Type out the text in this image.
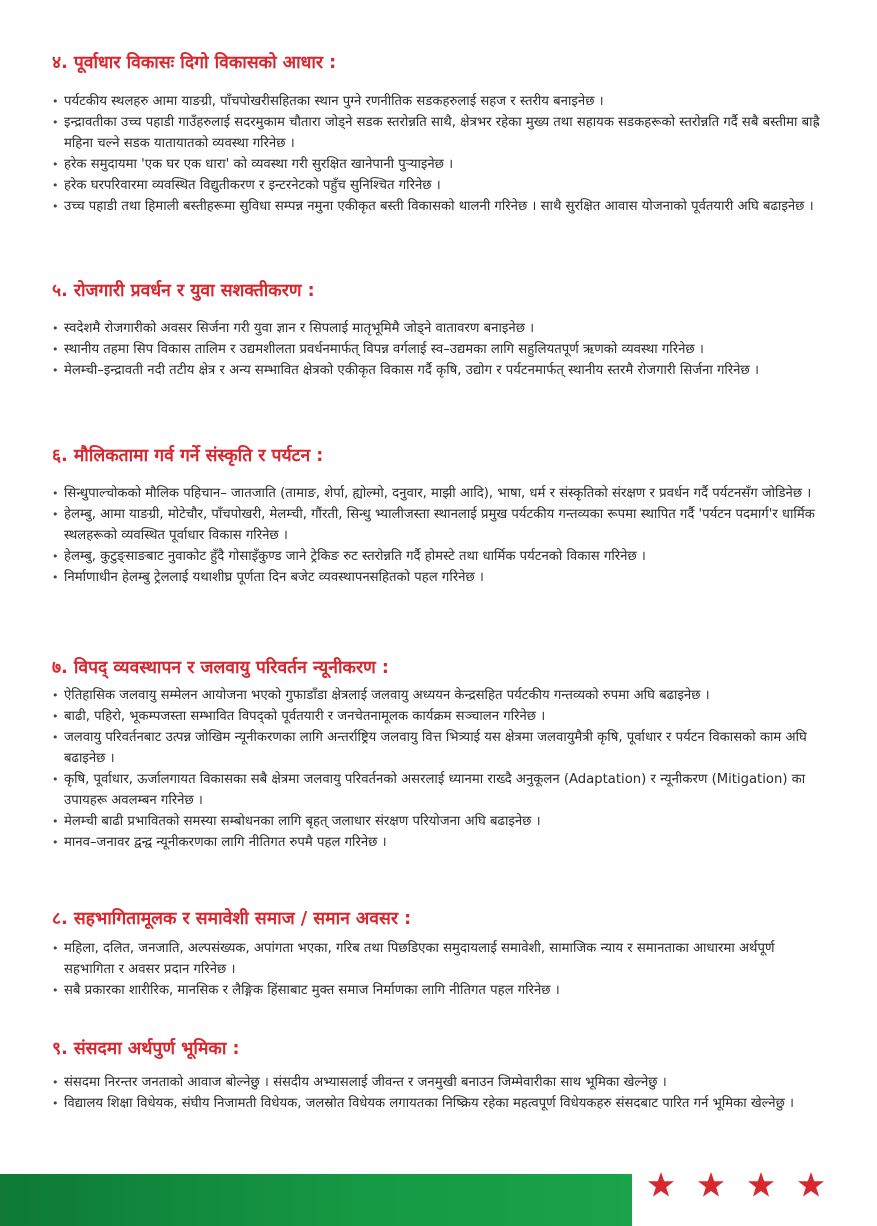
४. पूर्वाधार विकासः दिगो विकासको आधार :
• पर्यटकीय स्थलहरु आमा याङग्री, पाँचपोखरीसहितका स्थान पुग्ने रणनीतिक सडकहरुलाई सहज र स्तरीय बनाइनेछ ।
• इन्द्रावतीका उच्च पहाडी गाउँहरुलाई सदरमुकाम चौतारा जोड्ने सडक स्तरोन्नति साथै, क्षेत्रभर रहेका मुख्य तथा सहायक सडकहरूको स्तरोन्नति गर्दै सबै बस्तीमा बाह्रै महिना चल्ने सडक यातायातको व्यवस्था गरिनेछ ।
• हरेक समुदायमा 'एक घर एक धारा' को व्यवस्था गरी सुरक्षित खानेपानी पुऱ्याइनेछ ।
• हरेक घरपरिवारमा व्यवस्थित विद्युतीकरण र इन्टरनेटको पहुँच सुनिश्चित गरिनेछ ।
• उच्च पहाडी तथा हिमाली बस्तीहरूमा सुविधा सम्पन्न नमुना एकीकृत बस्ती विकासको थालनी गरिनेछ । साथै सुरक्षित आवास योजनाको पूर्वतयारी अघि बढाइनेछ ।
५. रोजगारी प्रवर्धन र युवा सशक्तीकरण :
• स्वदेशमै रोजगारीको अवसर सिर्जना गरी युवा ज्ञान र सिपलाई मातृभूमिमै जोड्ने वातावरण बनाइनेछ ।
• स्थानीय तहमा सिप विकास तालिम र उद्यमशीलता प्रवर्धनमार्फत् विपन्न वर्गलाई स्व–उद्यमका लागि सहुलियतपूर्ण ऋणको व्यवस्था गरिनेछ ।
• मेलम्ची–इन्द्रावती नदी तटीय क्षेत्र र अन्य सम्भावित क्षेत्रको एकीकृत विकास गर्दै कृषि, उद्योग र पर्यटनमार्फत् स्थानीय स्तरमै रोजगारी सिर्जना गरिनेछ ।
६. मौलिकतामा गर्व गर्ने संस्कृति र पर्यटन :
• सिन्धुपाल्चोकको मौलिक पहिचान– जातजाति (तामाङ, शेर्पा, ह्योल्मो, दनुवार, माझी आदि), भाषा, धर्म र संस्कृतिको संरक्षण र प्रवर्धन गर्दै पर्यटनसँग जोडिनेछ ।
• हेलम्बु, आमा याङग्री, मोटेचौर, पाँचपोखरी, मेलम्ची, गौंरती, सिन्धु भ्यालीजस्ता स्थानलाई प्रमुख पर्यटकीय गन्तव्यका रूपमा स्थापित गर्दै 'पर्यटन पदमार्ग'र धार्मिक स्थलहरूको व्यवस्थित पूर्वाधार विकास गरिनेछ ।
• हेलम्बु, कुटुङ्साङबाट नुवाकोट हुँदै गोसाइँकुण्ड जाने ट्रेकिङ रुट स्तरोन्नति गर्दै होमस्टे तथा धार्मिक पर्यटनको विकास गरिनेछ ।
• निर्माणाधीन हेलम्बु ट्रेललाई यथाशीघ्र पूर्णता दिन बजेट व्यवस्थापनसहितको पहल गरिनेछ ।
७. विपद् व्यवस्थापन र जलवायु परिवर्तन न्यूनीकरण :
• ऐतिहासिक जलवायु सम्मेलन आयोजना भएको गुफाडाँडा क्षेत्रलाई जलवायु अध्ययन केन्द्रसहित पर्यटकीय गन्तव्यको रुपमा अघि बढाइनेछ ।
• बाढी, पहिरो, भूकम्पजस्ता सम्भावित विपद्को पूर्वतयारी र जनचेतनामूलक कार्यक्रम सञ्चालन गरिनेछ ।
• जलवायु परिवर्तनबाट उत्पन्न जोखिम न्यूनीकरणका लागि अन्तर्राष्ट्रिय जलवायु वित्त भित्र्याई यस क्षेत्रमा जलवायुमैत्री कृषि, पूर्वाधार र पर्यटन विकासको काम अघि बढाइनेछ ।
• कृषि, पूर्वाधार, ऊर्जालगायत विकासका सबै क्षेत्रमा जलवायु परिवर्तनको असरलाई ध्यानमा राख्दै अनुकूलन (Adaptation) र न्यूनीकरण (Mitigation) का उपायहरू अवलम्बन गरिनेछ ।
• मेलम्ची बाढी प्रभावितको समस्या सम्बोधनका लागि बृहत् जलाधार संरक्षण परियोजना अघि बढाइनेछ ।
• मानव–जनावर द्वन्द्व न्यूनीकरणका लागि नीतिगत रुपमै पहल गरिनेछ ।
८. सहभागितामूलक र समावेशी समाज / समान अवसर :
• महिला, दलित, जनजाति, अल्पसंख्यक, अपांगता भएका, गरिब तथा पिछडिएका समुदायलाई समावेशी, सामाजिक न्याय र समानताका आधारमा अर्थपूर्ण सहभागिता र अवसर प्रदान गरिनेछ ।
• सबै प्रकारका शारीरिक, मानसिक र लैङ्गिक हिंसाबाट मुक्त समाज निर्माणका लागि नीतिगत पहल गरिनेछ ।
९. संसदमा अर्थपुर्ण भूमिका :
• संसदमा निरन्तर जनताको आवाज बोल्नेछु । संसदीय अभ्यासलाई जीवन्त र जनमुखी बनाउन जिम्मेवारीका साथ भूमिका खेल्नेछु ।
• विद्यालय शिक्षा विधेयक, संघीय निजामती विधेयक, जलस्रोत विधेयक लगायतका निष्क्रिय रहेका महत्वपूर्ण विधेयकहरु संसदबाट पारित गर्न भूमिका खेल्नेछु ।
